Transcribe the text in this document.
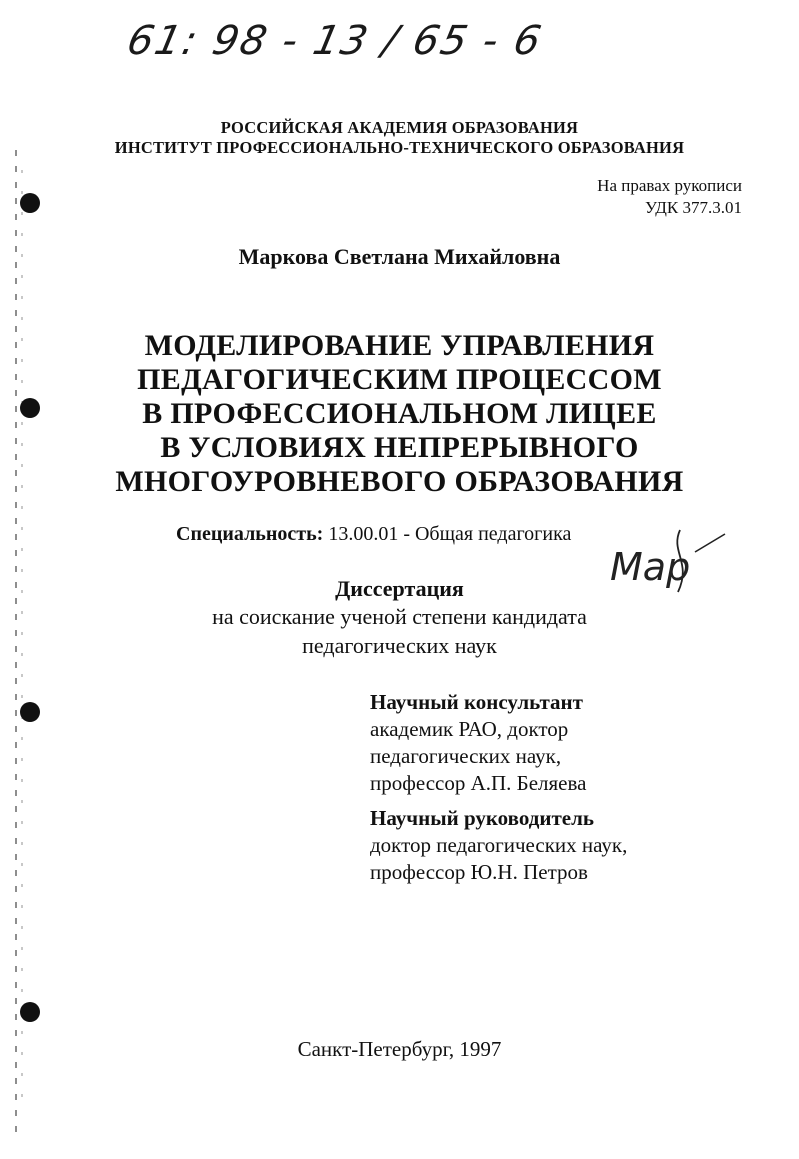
61: 98 - 13 / 65 - 6
РОССИЙСКАЯ АКАДЕМИЯ ОБРАЗОВАНИЯ
ИНСТИТУТ ПРОФЕССИОНАЛЬНО-ТЕХНИЧЕСКОГО ОБРАЗОВАНИЯ
На правах рукописи
УДК 377.3.01
Маркова Светлана Михайловна
МОДЕЛИРОВАНИЕ УПРАВЛЕНИЯ
ПЕДАГОГИЧЕСКИМ ПРОЦЕССОМ
В ПРОФЕССИОНАЛЬНОМ ЛИЦЕЕ
В УСЛОВИЯХ НЕПРЕРЫВНОГО
МНОГОУРОВНЕВОГО ОБРАЗОВАНИЯ
Специальность: 13.00.01 - Общая педагогика
Мар
Диссертация
на соискание ученой степени кандидата
педагогических наук
Научный консультант
академик РАО, доктор
педагогических наук,
профессор А.П. Беляева
Научный руководитель
доктор педагогических наук,
профессор Ю.Н. Петров
Санкт-Петербург, 1997
